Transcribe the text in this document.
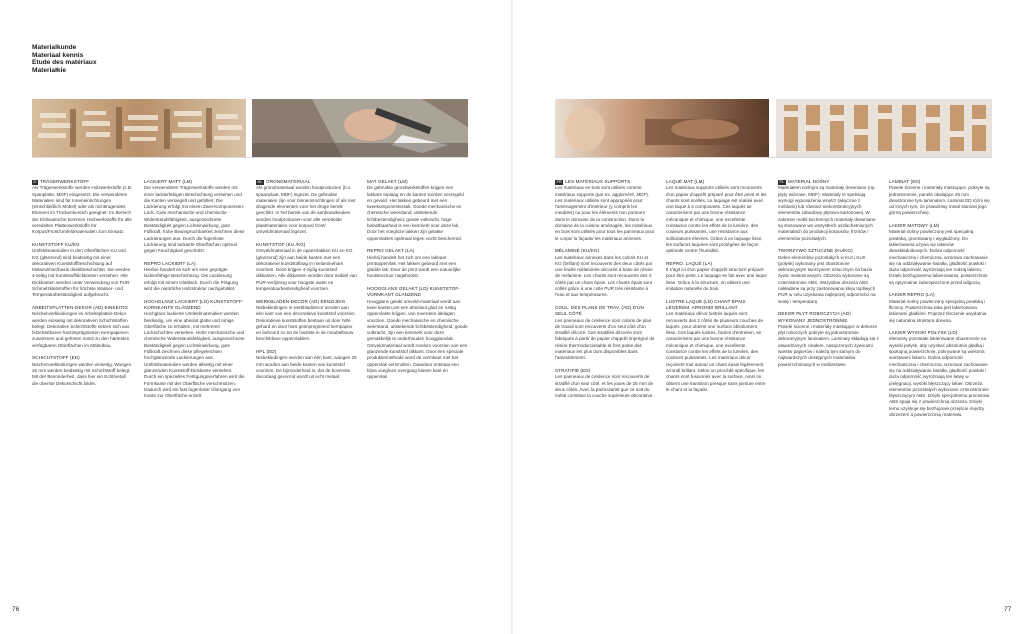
Materialkunde
Materiaal kennis
Etude des matériaux
Materiałkie

D TRÄGERWERKSTOFF
Als Trägerwerkstoffe werden Holzwerkstoffe (z.B. Spanplatte, MDF) eingesetzt. Die verwendeten Materialien sind für Inneneinrichtungen (einschließlich Möbel) oder als nichttragendes Element im Trockenbereich geeignet. Im Bereich der Einbauküche kommen Holzwerkstoffe für alle veredelten Plattenwerkstoffe für Korpus/Front/Umfeldmaterialien zum Einsatz.

KUNSTSTOFF KU/KG
Umfeldmaterialien in den Oberflächen KU und KG (glänzend) sind beidseitig mit einer dekorativen Kunststoffbeschichtung auf Melaminharzbasis direktbeschichtet. Sie werden 4-seitig mit Kunststoffdickkanten versehen. Alle Dickkanten werden unter Verwendung von PUR-Schmelzklebstoffen für höchste Wasser- und Temperaturbeständigkeit aufgebracht.

ARBEITSPLATTEN-DEKOR (AD) EINSEITIG
Nischenverkleidungen im Arbeitsplatten-Dekor werden einseitig mit dekorativen Schichtstoffen belegt. Dekorative Schichtstoffe setzen sich aus hitzehärtbaren harzimprägnierten Kernpapieren zusammen und gehören somit zu den härtesten verfügbaren Oberflächen im Möbelbau.

SCHICHTSTOFF (ED)
Nischenverkleidungen werden einseitig, Wangen 25 mm werden beidseitig mit Schichtstoff belegt. Mit der Besonderheit, dass hier ein Echtmetall die oberste Dekorschicht bildet.

LACKIERT MATT (LM)
Die verwendeten Trägerwerkstoffe werden mit einer lackierfähigen Beschichtung versehen und die Kanten versiegelt und gefüllert. Die Lackierung erfolgt mit einem Zwei-Komponenten-Lack. Gute mechanische und chemische Widerstandsfähigkeit, ausgezeichnete Beständigkeit gegen Lichteinwirkung, gute Füllkraft, hohe Beanspruchbarkeit zeichnen diese Lackierungen aus. Durch die fugenlose Lackierung sind lackierte Oberflächen optimal gegen Feuchtigkeit geschützt.

REPRO LACKIERT (LA)
Hierbei handelt es sich um eine geprägte lackierfähige Beschichtung. Die Lackierung erfolgt mit einem Glattlack. Durch die Prägung wird die natürliche Holzstruktur nachgebildet.

HOCHGLANZ LACKIERT (LD) KUNSTSTOFF-KORNKANTE GLÄNZEND
Hochglanz lackierte Umfeldmaterialien werden beidseitig, um eine absolut glatte und ruhige Oberfläche zu erhalten, mit mehreren Lackschichten versehen. Hohe mechanische und chemische Widerstandsfähigkeit, ausgezeichnete Beständigkeit gegen Lichteinwirkung, gute Füllkraft zeichnen diese pflegeleichten hochglänzende Lackierungen aus. Umfeldmaterialien werden allseitig mit einer glänzenden Kunststoff-Dickkante versehen. Durch ein spezielles Fertigungsverfahren wird die Formkante mit der Oberfläche verschmolzen. Dadurch wird ein fast fugenloser Übergang von Kante zur Oberfläche erzielt.

NL GRONDMATERIAAL
Als grondmateriaal worden houtproducten (b.v. spaanplaat, MDF) ingezet. De gebruikte materialen zijn voor binneninrichtingen of als niet dragende elementen voor het droge bereik geschikt. In het bereik van de aanbouwkeuken worden houtproducten voor alle veredelde plaatmaterialen voor korpus/ front/ omveldmateriaal ingezet.

KUNSTSTOF (KU /KG)
Omveldmateriaal in de oppervlakken KU en KG (glanzend) zijn aan beide kanten met een dekoratieve kunststoflaag in melaminehars voorzien. Deze krijgen 4-zijdig kunststof dikkanten. Alle dikkanten worden door middel van PUR-verlijming voor hoogste water en temperatuurbestendigheid voorzien.

WERKBLADEN-DECOR (AD) ÉÉNZIJDIG
Nisbekledingen in werkbladdecor worden aan één kant van een decoratieve kunststof voorzien. Dekoratieve kunststoffen bestaan uit door hitte gehard en door hars geimpregneerd kernpapier en behoord zo tot de hardste in de meubelbouw beschikbare oppervlakken.

HPL (ED)
Nisbekledingen worden aan één kant, wangen 25 mm worden aan beide kanten van kunststof voorzien. De bijzonderheid is, dat de bovenste decorlaag gevormd wordt uit echt metaal.

MAT GELAKT (LM)
De gebruikte grondwerkstoffen krijgen een lakbare toplaag en de kanten worden verzegeld en gevuld. Het lakken gebeurd met een tweekomponentenlak. Goede mechanische en chemische weerstand, uitstekende lichtbestendigheid, goede vulkracht, hoge belastbaarheid is een kenmerk voor deze lak. Door het voegloze lakken zijn gelakte oppervlaktes optimaal tegen vocht beschermd.

REPRO GELAKT (LA)
Hierbij handelt het zich om een lakbaar printoppervlak. Het lakken gebeurd met een gladde lak. Door de print wordt een natuurlijke houtstructuur nagebootst.

HOOGGLANS GELAKT (LD) KUNSTSTOF-VORMKANT GLANZEND
Hoogglans gelakt omveld-materiaal wordt aan twee kanten,om een absoluut glad en rustig oppervlakte krijgen, van meerdere laklagen voorzien. Goede mechanische en chemische weerstand, uitstekende lichtbestendigheid, goede vulkracht, zijn een kenmerk voor deze gemakkelijk te onderhouden hoogglanslak. Omveldmateriaal wordt rondom voorzien van een glanzende kunststof dikkant. Door een speciale produktiemethode word de vormkant met het oppervlak versmolten. Daardoor ontstaat een bijna voegloze overgang tussen kant en oppervlak.

FR LES MATÉRIAUX SUPPORTS
Les matériaux en bois sont utilisés comme matériaux supports (par ex. aggloméré, MDF). Les matériaux utilisés sont appropriés pour l'aménagement d'intérieur (y compris les meubles) ou pour les éléments non porteurs dans le domaine de la construction. Dans le domaine de la cuisine aménagée, les matériaux en bois sont utilisés pour tous les panneaux pour le corps/ la façade/ les matériaux annexes.

MÉLAMINÉ (KU/KG)
Les matériaux annexes dans les coloris KU et KG (brillant) sont recouverts des deux côtés par une feuille mélaminée décorée à base de résine de mélamine. Les chants sont recouverts des 4 côtés par un chant épais. Les chants épais sont collés grâce à une colle PUR très résistante à l'eau et aux températures.

COUL. DES PLANS DE TRAV. (AD) D'UN SEUL CÔTÉ
Les panneaux de crédence sont coloris de plan de travail sont recouverts d'un seul côté d'un stratifié décoré. Ces stratifiés décorés sont fabriqués à partir de papier d'apprêt imprégné de résine thermodurcissable et font partie des matériaux les plus durs disponibles dans l'ameublement.

STRATIFIÉ (ED)
Les panneaux de crédence sont recouverts de stratifié d'un seul côté, et les joues de 25 mm de deux côtés. Avec la particularité que ce soit du métal constitue la couche supérieure décorative.

LAQUÉ MAT (LM)
Les matériaux supports utilisés sont recouverts d'un papier d'apprêt préparé pour être peint et les chants sont scellés. Le laquage est réalisé avec une laque à 2 composants. Ces laqués se caractérisent par une bonne résistance mécanique et chimique, une excellente constance contre les effets de la lumière, des couleurs puissantes, une résistance aux sollicitations élevées. Grâce à un laquage lisse, les surfaces laquées sont protégées de façon optimale contre l'humidité.

REPRO. LAQUÉ (LA)
Il s'agit ici d'un papier d'apprêt structuré préparé pour être peint. Le laquage se fait avec une laque lisse. Grâce à la structure, on obtient une imitation naturelle du bois.

LUSTRE LAQUÉ (LD) CHANT ÉPAIS LÉGÈREM. ARRONDI BRILLANT
Les matériaux décor lustrés laqués sont recouverts des 2 côtés de plusieurs couches de laqués, pour obtenir une surface absolument lisse. Ces laqués lustres, faciles d'entretien, se caractérisent par une bonne résistance mécanique et chimique, une excellente constance contre les effets de la lumière, des couleurs puissantes. Les matériaux décor reçoivent tout autour un chant épais légèrement arrondi brillant. Selon un procédé spécifique, les chants sont fusionnés avec la surface. Ainsi on obtient une transition presque sans jointure entre le chant et la façade.

PL MATERIAŁ NOŚNY
Materiałem nośnym są materiały drewniane (np. płyty wiórowe, MDF). Materiały te spełniają wymogi wyposażenia wnętrz (włącznie z meblami) lub również niekonstrukcyjnych elementów zabudowy płytowo-kartonowej. W zakresie mebli kuchennych materiały drewniane są stosowane we wszystkich uszlachetnionych materiałach do produkcji korpusów, frontów i elementów pozostałych.

TWORZYWO SZTUCZNE (KU/KG)
Dekor elementów pozostałych w KUI i KUII (połysk) wykonany jest obustronnie dekoracyjnym tworzywem sztucznym na bazie żywic melaminowych. Obrzeża wykonane są czterostronnie ABS. Wszystkie obrzeża ABS nakładane są przy zastosowaniu kleju topliwych PUR w celu uzyskania najlepszej odporności na wodę i temperaturę.

DEKOR PŁYT ROBOCZYCH (AD) WYKONANY JEDNOSTRONNIE
Panele ścienne i materiały maskujące w dekorze płyt roboczych pokryte są jednostronnie dekoracyjnym laminatem. Laminaty składają się z utwardzanych ciepłem, nasączonych żywicami warstw papierów i należą tym samym do najtwardszych dostępnych materiałów powierzchniowych w meblarstwie.

LAMINAT (ED)
Panele ścienne i materiały maskujące, pokryte są jednostronnie, panele okalające 25 mm dwustronnie tym laminatem. Laminat ED różni się od innych tym, że prawdziwy metal stanowi jego górną powierzchnię.

LAKIER MATOWY (LM)
Materiał nośny powleczony jest specjalną powłoką, gruntowany i wygładzony. Do lakierowania używa się lakierów dwuskładnikowych. Dobra odporność mechaniczna i chemiczna, wzorowo zachowanie się na oddziaływanie światła, gładkość powłoki i duża odporność wyróżniają ten rodzaj lakieru. Dzięki bezfugowemu lakierowaniu, powierzchnie są optymalnie zabezpieczone przed wilgocią.

LAKIER REPRO (LA)
Materiał nośny powleczony specjalną powłoką i fliciony. Powierzchnia taka jest lakierowana lakierami gładkimi. Poprzez tłoczenie uwydatnia się naturalna struktura drewna.

LAKIER WYSOKI POŁYSK (LD)
elementy pozostałe lakierowane obustronnie na wysoki połysk, aby uzyskać absolutnie gładką i spokojną powierzchnię, pokrywane są wieloma warstwami lakieru. Dobra odporność mechaniczna i chemiczna, wzorowe zachowanie się na oddziaływanie światła, gładkość powłoki i duża odporność wyróżniają ten łatwy w pielęgnacji, wysoki błyszczący lakier. Obrzeża elementów pozostałych wykonane czterostronnie błyszczącym ABS. Dzięki specjalnemu procesowi ABS spaja się z powierzchnią obrzeża. Dzięki temu uzyskuje się bezfugowe przejście między obrzeżem a powierzchnią materiału.

76	77
